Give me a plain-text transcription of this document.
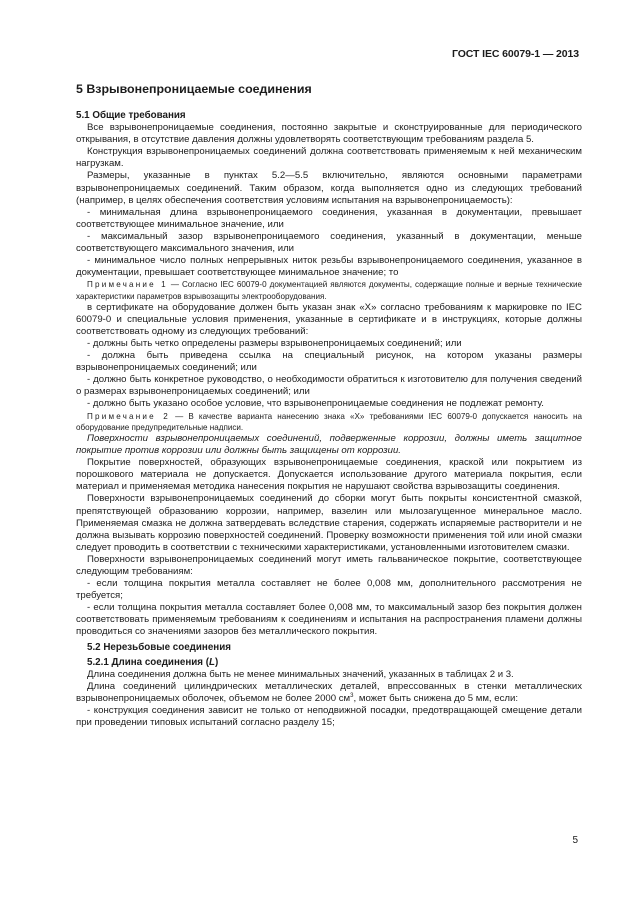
ГОСТ IEC 60079-1 — 2013
5 Взрывонепроницаемые соединения
5.1 Общие требования

Все взрывонепроницаемые соединения, постоянно закрытые и сконструированные для периодического открывания, в отсутствие давления должны удовлетворять соответствующим требованиям раздела 5.

Конструкция взрывонепроницаемых соединений должна соответствовать применяемым к ней механическим нагрузкам.

Размеры, указанные в пунктах 5.2—5.5 включительно, являются основными параметрами взрывонепроницаемых соединений. Таким образом, когда выполняется одно из следующих требований (например, в целях обеспечения соответствия условиям испытания на взрывонепроницаемость):

- минимальная длина взрывонепроницаемого соединения, указанная в документации, превышает соответствующее минимальное значение, или

- максимальный зазор взрывонепроницаемого соединения, указанный в документации, меньше соответствующего максимального значения, или

- минимальное число полных непрерывных ниток резьбы взрывонепроницаемого соединения, указанное в документации, превышает соответствующее минимальное значение; то

Примечание 1 — Согласно IEC 60079-0 документацией являются документы, содержащие полные и верные технические характеристики параметров взрывозащиты электрооборудования.

в сертификате на оборудование должен быть указан знак «Х» согласно требованиям к маркировке по IEC 60079-0 и специальные условия применения, указанные в сертификате и в инструкциях, которые должны соответствовать одному из следующих требований:

- должны быть четко определены размеры взрывонепроницаемых соединений; или

- должна быть приведена ссылка на специальный рисунок, на котором указаны размеры взрывонепроницаемых соединений; или

- должно быть конкретное руководство, о необходимости обратиться к изготовителю для получения сведений о размерах взрывонепроницаемых соединений; или

- должно быть указано особое условие, что взрывонепроницаемые соединения не подлежат ремонту.

Примечание 2 — В качестве варианта нанесению знака «Х» требованиями IEC 60079-0 допускается наносить на оборудование предупредительные надписи.

Поверхности взрывонепроницаемых соединений, подверженные коррозии, должны иметь защитное покрытие против коррозии или должны быть защищены от коррозии.

Покрытие поверхностей, образующих взрывонепроницаемые соединения, краской или покрытием из порошкового материала не допускается. Допускается использование другого материала покрытия, если материал и применяемая методика нанесения покрытия не нарушают свойства взрывозащиты соединения.

Поверхности взрывонепроницаемых соединений до сборки могут быть покрыты консистентной смазкой, препятствующей образованию коррозии, например, вазелин или мылозагущенное минеральное масло. Применяемая смазка не должна затвердевать вследствие старения, содержать испаряемые растворители и не должна вызывать коррозию поверхностей соединений. Проверку возможности применения той или иной смазки следует проводить в соответствии с техническими характеристиками, установленными изготовителем смазки.

Поверхности взрывонепроницаемых соединений могут иметь гальваническое покрытие, соответствующее следующим требованиям:

- если толщина покрытия металла составляет не более 0,008 мм, дополнительного рассмотрения не требуется;

- если толщина покрытия металла составляет более 0,008 мм, то максимальный зазор без покрытия должен соответствовать применяемым требованиям к соединениям и испытания на распространения пламени должны проводиться со значениями зазоров без металлического покрытия.

5.2 Нерезьбовые соединения
5.2.1 Длина соединения (L)

Длина соединения должна быть не менее минимальных значений, указанных в таблицах 2 и 3.

Длина соединений цилиндрических металлических деталей, впрессованных в стенки металлических взрывонепроницаемых оболочек, объемом не более 2000 $см^3$, может быть снижена до 5 мм, если:

- конструкция соединения зависит не только от неподвижной посадки, предотвращающей смещение детали при проведении типовых испытаний согласно разделу 15;

5
